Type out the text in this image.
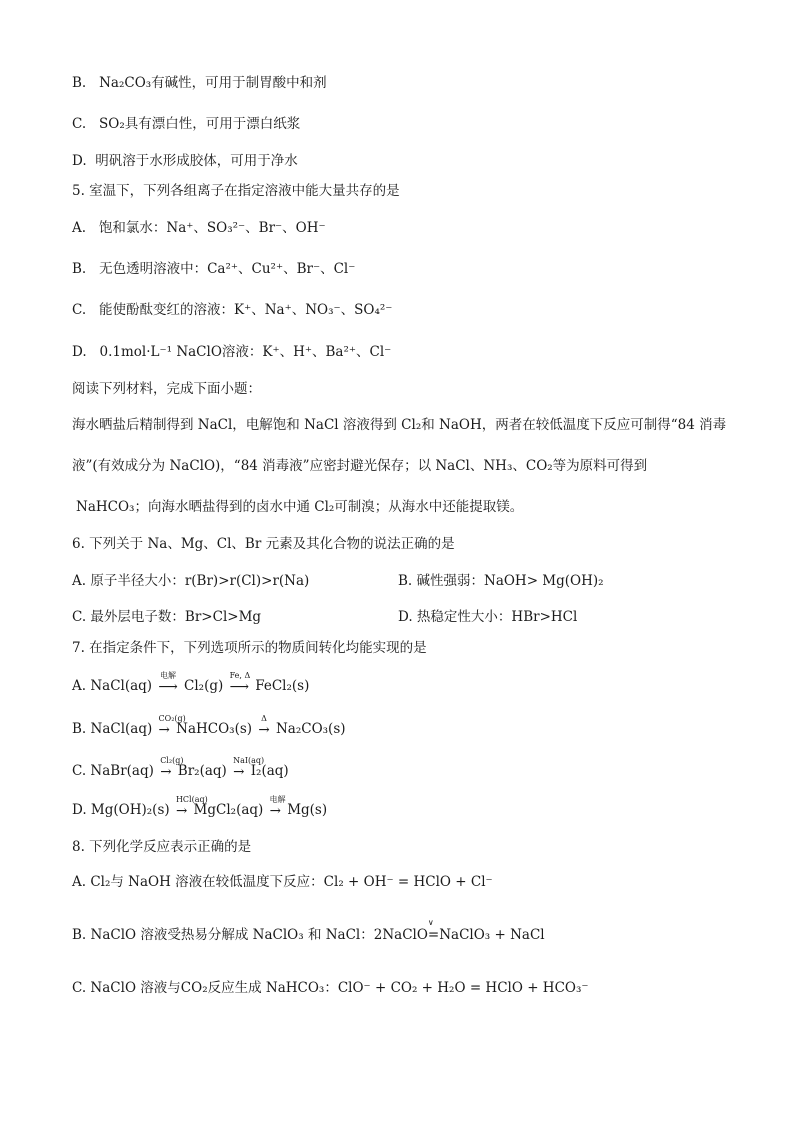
B. Na₂CO₃有碱性，可用于制胃酸中和剂
C. SO₂具有漂白性，可用于漂白纸浆
D. 明矾溶于水形成胶体，可用于净水
5. 室温下，下列各组离子在指定溶液中能大量共存的是
A. 饱和氯水：Na⁺、SO₃²⁻、Br⁻、OH⁻
B. 无色透明溶液中：Ca²⁺、Cu²⁺、Br⁻、Cl⁻
C. 能使酚酞变红的溶液：K⁺、Na⁺、NO₃⁻、SO₄²⁻
D. 0.1mol·L⁻¹ NaClO溶液：K⁺、H⁺、Ba²⁺、Cl⁻
阅读下列材料，完成下面小题：
海水晒盐后精制得到 NaCl，电解饱和 NaCl 溶液得到 Cl₂和 NaOH，两者在较低温度下反应可制得“84 消毒
液”(有效成分为 NaClO)，“84 消毒液”应密封避光保存；以 NaCl、NH₃、CO₂等为原料可得到
NaHCO₃；向海水晒盐得到的卤水中通 Cl₂可制溴；从海水中还能提取镁。
6. 下列关于 Na、Mg、Cl、Br 元素及其化合物的说法正确的是
A. 原子半径大小：r(Br)>r(Cl)>r(Na)	B. 碱性强弱：NaOH> Mg(OH)₂
C. 最外层电子数：Br>Cl>Mg	D. 热稳定性大小：HBr>HCl
7. 在指定条件下，下列选项所示的物质间转化均能实现的是
A. NaCl(aq)
电解
⟶ Cl₂(g)
Fe, Δ
⟶ FeCl₂(s)
B. NaCl(aq)
CO₂(g)
→ NaHCO₃(s)
Δ
→ Na₂CO₃(s)
C. NaBr(aq)
Cl₂(g)
→ Br₂(aq)
NaI(aq)
→ I₂(aq)
D. Mg(OH)₂(s)
HCl(aq)
→ MgCl₂(aq)
电解
→ Mg(s)
8. 下列化学反应表示正确的是
A. Cl₂与 NaOH 溶液在较低温度下反应：Cl₂ + OH⁻ = HClO + Cl⁻
B. NaClO 溶液受热易分解成 NaClO₃ 和 NaCl：2NaClO
∨
=NaClO₃ + NaCl
C. NaClO 溶液与CO₂反应生成 NaHCO₃：ClO⁻ + CO₂ + H₂O = HClO + HCO₃⁻
